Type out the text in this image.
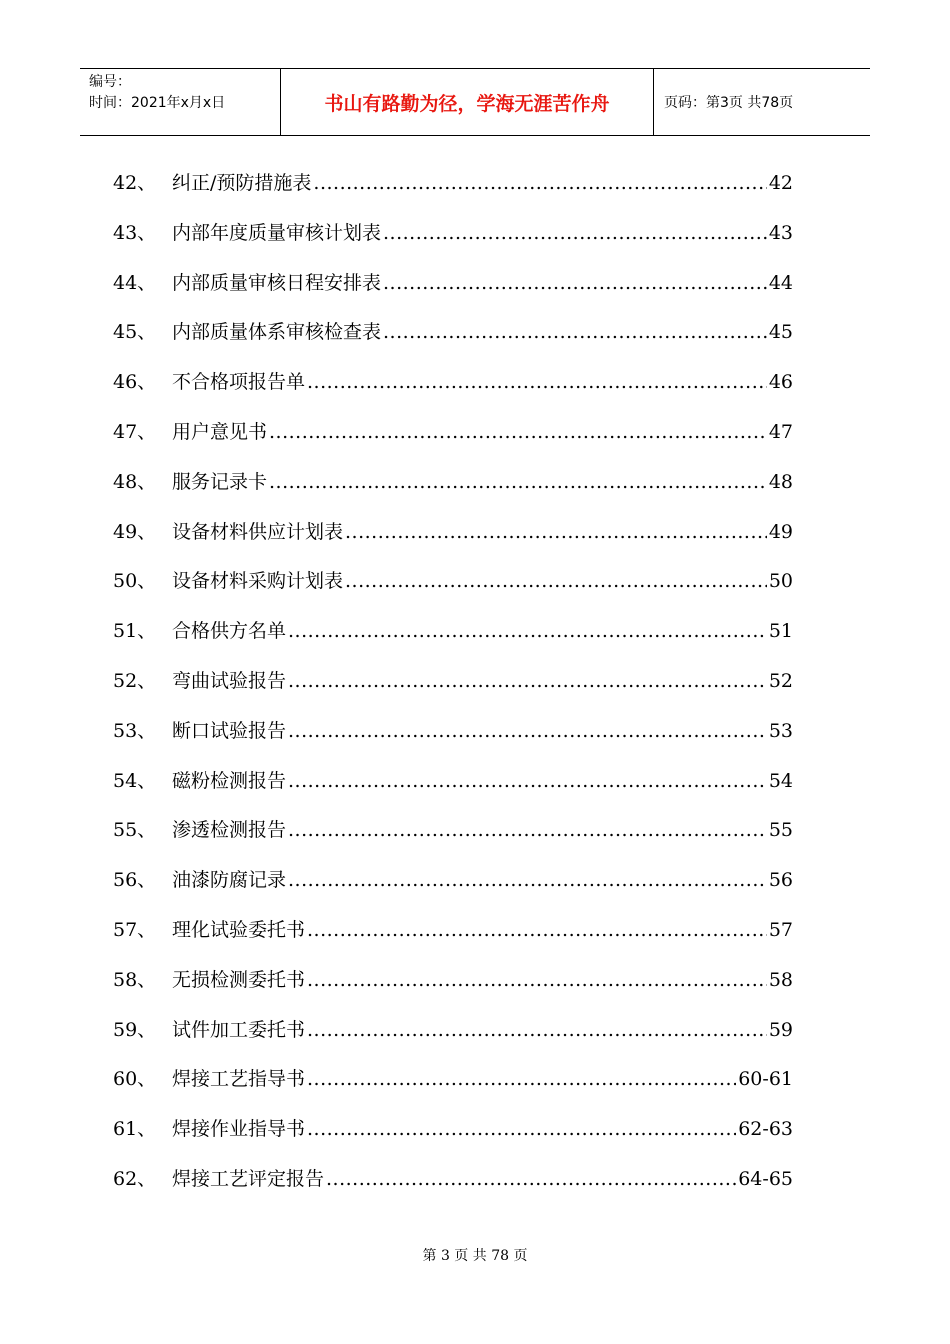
编号：
时间：2021年x月x日	书山有路勤为径，学海无涯苦作舟	页码：第3页 共78页
42、 纠正/预防措施表 .....	42
43、 内部年度质量审核计划表 .....	43
44、 内部质量审核日程安排表 .....	44
45、 内部质量体系审核检查表 .....	45
46、 不合格项报告单 .....	46
47、 用户意见书 .....	47
48、 服务记录卡 .....	48
49、 设备材料供应计划表 .....	49
50、 设备材料采购计划表 .....	50
51、 合格供方名单 .....	51
52、 弯曲试验报告 .....	52
53、 断口试验报告 .....	53
54、 磁粉检测报告 .....	54
55、 渗透检测报告 .....	55
56、 油漆防腐记录 .....	56
57、 理化试验委托书 .....	57
58、 无损检测委托书 .....	58
59、 试件加工委托书 .....	59
60、 焊接工艺指导书 .....	60-61
61、 焊接作业指导书 .....	62-63
62、 焊接工艺评定报告 .....	64-65
第 3 页 共 78 页
